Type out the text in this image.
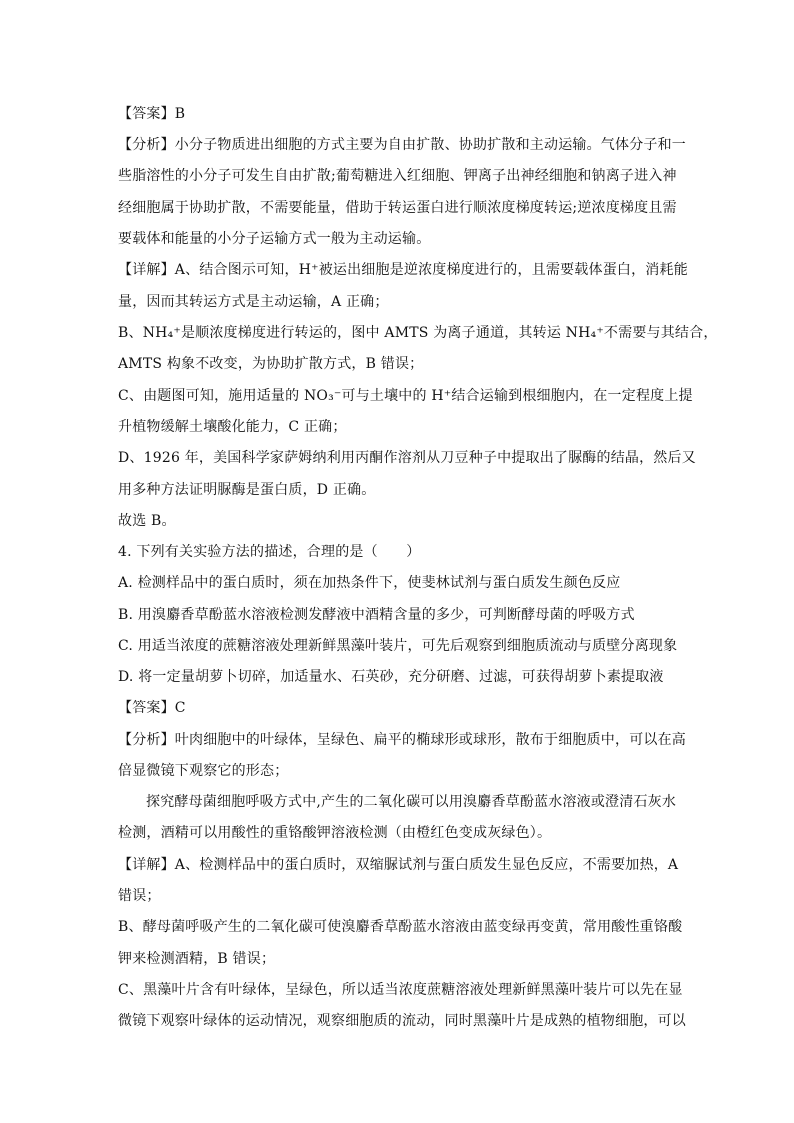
【答案】B
【分析】小分子物质进出细胞的方式主要为自由扩散、协助扩散和主动运输。气体分子和一
些脂溶性的小分子可发生自由扩散;葡萄糖进入红细胞、钾离子出神经细胞和钠离子进入神
经细胞属于协助扩散，不需要能量，借助于转运蛋白进行顺浓度梯度转运;逆浓度梯度且需
要载体和能量的小分子运输方式一般为主动运输。
【详解】A、结合图示可知，H⁺被运出细胞是逆浓度梯度进行的，且需要载体蛋白，消耗能
量，因而其转运方式是主动运输，A 正确；
B、NH₄⁺是顺浓度梯度进行转运的，图中 AMTS 为离子通道，其转运 NH₄⁺不需要与其结合，
AMTS 构象不改变，为协助扩散方式，B 错误；
C、由题图可知，施用适量的 NO₃⁻可与土壤中的 H⁺结合运输到根细胞内，在一定程度上提
升植物缓解土壤酸化能力，C 正确；
D、1926 年，美国科学家萨姆纳利用丙酮作溶剂从刀豆种子中提取出了脲酶的结晶，然后又
用多种方法证明脲酶是蛋白质，D 正确。
故选 B。
4. 下列有关实验方法的描述，合理的是（　　）
A. 检测样品中的蛋白质时，须在加热条件下，使斐林试剂与蛋白质发生颜色反应
B. 用溴麝香草酚蓝水溶液检测发酵液中酒精含量的多少，可判断酵母菌的呼吸方式
C. 用适当浓度的蔗糖溶液处理新鲜黑藻叶装片，可先后观察到细胞质流动与质壁分离现象
D. 将一定量胡萝卜切碎，加适量水、石英砂，充分研磨、过滤，可获得胡萝卜素提取液
【答案】C
【分析】叶肉细胞中的叶绿体，呈绿色、扁平的椭球形或球形，散布于细胞质中，可以在高
倍显微镜下观察它的形态；
探究酵母菌细胞呼吸方式中,产生的二氧化碳可以用溴麝香草酚蓝水溶液或澄清石灰水
检测，酒精可以用酸性的重铬酸钾溶液检测（由橙红色变成灰绿色）。
【详解】A、检测样品中的蛋白质时，双缩脲试剂与蛋白质发生显色反应，不需要加热，A
错误；
B、酵母菌呼吸产生的二氧化碳可使溴麝香草酚蓝水溶液由蓝变绿再变黄，常用酸性重铬酸
钾来检测酒精，B 错误；
C、黑藻叶片含有叶绿体，呈绿色，所以适当浓度蔗糖溶液处理新鲜黑藻叶装片可以先在显
微镜下观察叶绿体的运动情况，观察细胞质的流动，同时黑藻叶片是成熟的植物细胞，可以
